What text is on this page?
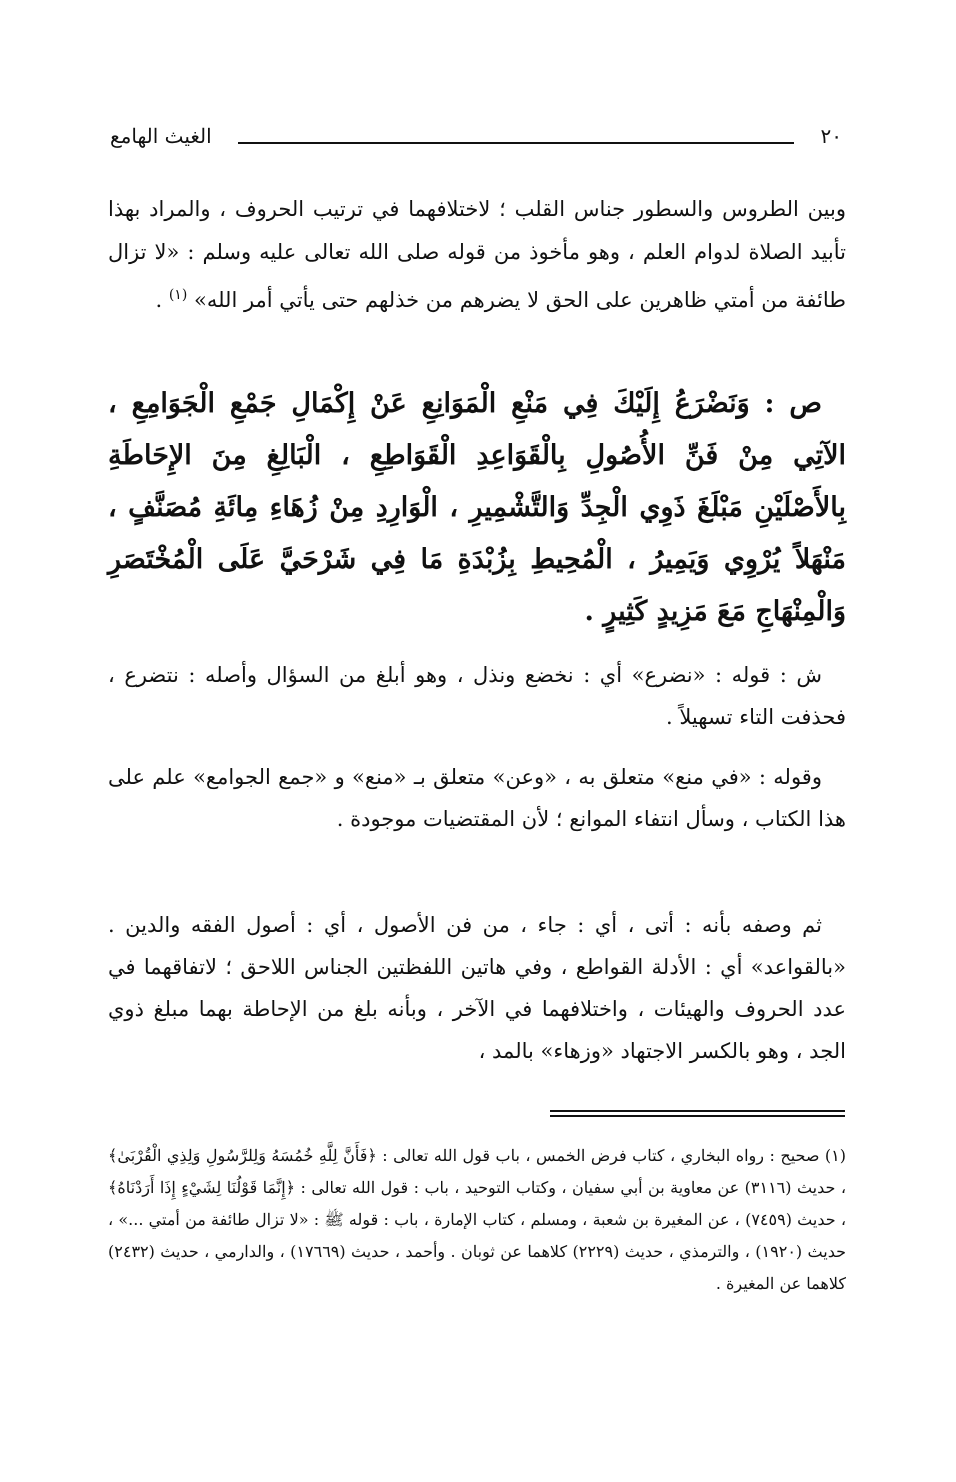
٢٠
الغيث الهامع

وبين الطروس والسطور جناس القلب ؛ لاختلافهما في ترتيب الحروف ، والمراد بهذا تأبيد الصلاة لدوام العلم ، وهو مأخوذ من قوله صلى الله تعالى عليه وسلم : «لا تزال طائفة من أمتي ظاهرين على الحق لا يضرهم من خذلهم حتى يأتي أمر الله» $^{(١)}$ .

ص : وَنَضْرَعُ إِلَيْكَ فِي مَنْعِ الْمَوَانِعِ عَنْ إِكْمَالِ جَمْعِ الْجَوَامِعِ ، الآتِي مِنْ فَنِّ الأُصُولِ بِالْقَوَاعِدِ الْقَوَاطِعِ ، الْبَالِغِ مِنَ الإِحَاطَةِ بِالأَصْلَيْنِ مَبْلَغَ ذَوِي الْجِدِّ وَالتَّشْمِيرِ ، الْوَارِدِ مِنْ زُهَاءِ مِائَةِ مُصَنَّفٍ ، مَنْهَلاً يُرْوِي وَيَمِيرُ ، الْمُحِيطِ بِزُبْدَةِ مَا فِي شَرْحَيَّ عَلَى الْمُخْتَصَرِ وَالْمِنْهَاجِ مَعَ مَزِيدٍ كَثِيرٍ .

ش : قوله : «نضرع» أي : نخضع ونذل ، وهو أبلغ من السؤال وأصله : نتضرع ، فحذفت التاء تسهيلاً .

وقوله : «في منع» متعلق به ، «وعن» متعلق بـ «منع» و «جمع الجوامع» علم على هذا الكتاب ، وسأل انتفاء الموانع ؛ لأن المقتضيات موجودة .

ثم وصفه بأنه : أتى ، أي : جاء ، من فن الأصول ، أي : أصول الفقه والدين . «بالقواعد» أي : الأدلة القواطع ، وفي هاتين اللفظتين الجناس اللاحق ؛ لاتفاقهما في عدد الحروف والهيئات ، واختلافهما في الآخر ، وبأنه بلغ من الإحاطة بهما مبلغ ذوي الجد ، وهو بالكسر الاجتهاد «وزهاء» بالمد ،

(١) صحيح : رواه البخاري ، كتاب فرض الخمس ، باب قول الله تعالى : ﴿فَأَنَّ لِلَّهِ خُمُسَهُ وَلِلرَّسُولِ وَلِذِي الْقُرْبَىٰ﴾ ، حديث (٣١١٦) عن معاوية بن أبي سفيان ، وكتاب التوحيد ، باب : قول الله تعالى : ﴿إِنَّمَا قَوْلُنَا لِشَيْءٍ إِذَا أَرَدْنَاهُ﴾ ، حديث (٧٤٥٩) ، عن المغيرة بن شعبة ، ومسلم ، كتاب الإمارة ، باب : قوله ﷺ : «لا تزال طائفة من أمتي ...» ، حديث (١٩٢٠) ، والترمذي ، حديث (٢٢٢٩) كلاهما عن ثوبان . وأحمد ، حديث (١٧٦٦٩) ، والدارمي ، حديث (٢٤٣٢) كلاهما عن المغيرة .
